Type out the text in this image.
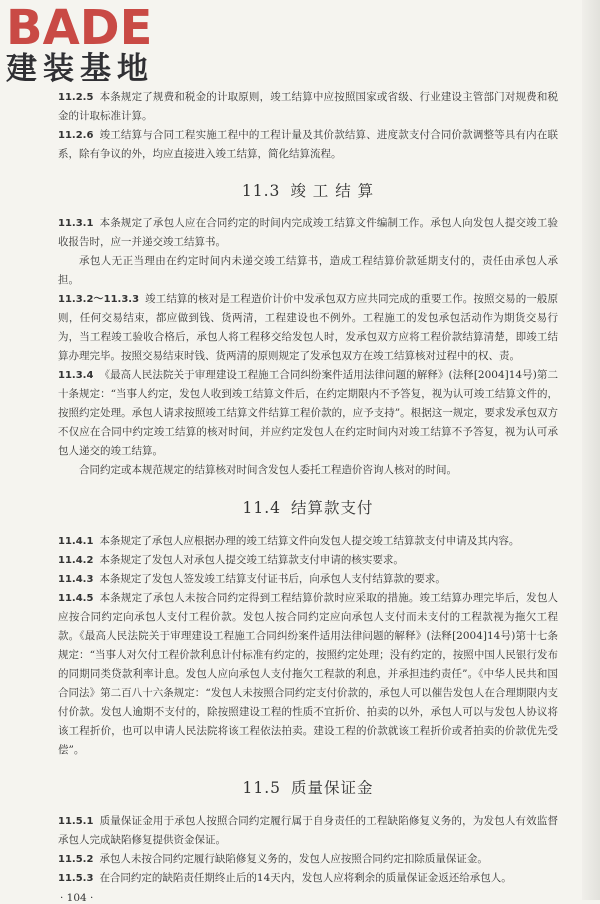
BADE
建装基地

11.2.5 本条规定了规费和税金的计取原则，竣工结算中应按照国家或省级、行业建设主管部门对规费和税金的计取标准计算。

11.2.6 竣工结算与合同工程实施工程中的工程计量及其价款结算、进度款支付合同价款调整等具有内在联系，除有争议的外，均应直接进入竣工结算，简化结算流程。

11.3 竣 工 结 算

11.3.1 本条规定了承包人应在合同约定的时间内完成竣工结算文件编制工作。承包人向发包人提交竣工验收报告时，应一并递交竣工结算书。

承包人无正当理由在约定时间内未递交竣工结算书，造成工程结算价款延期支付的，责任由承包人承担。

11.3.2～11.3.3 竣工结算的核对是工程造价计价中发承包双方应共同完成的重要工作。按照交易的一般原则，任何交易结束，都应做到钱、货两清，工程建设也不例外。工程施工的发包承包活动作为期货交易行为，当工程竣工验收合格后，承包人将工程移交给发包人时，发承包双方应将工程价款结算清楚，即竣工结算办理完毕。按照交易结束时钱、货两清的原则规定了发承包双方在竣工结算核对过程中的权、责。

11.3.4 《最高人民法院关于审理建设工程施工合同纠纷案件适用法律问题的解释》(法释[2004]14号)第二十条规定：“当事人约定，发包人收到竣工结算文件后，在约定期限内不予答复，视为认可竣工结算文件的，按照约定处理。承包人请求按照竣工结算文件结算工程价款的，应予支持”。根据这一规定，要求发承包双方不仅应在合同中约定竣工结算的核对时间，并应约定发包人在约定时间内对竣工结算不予答复，视为认可承包人递交的竣工结算。

合同约定或本规范规定的结算核对时间含发包人委托工程造价咨询人核对的时间。

11.4 结算款支付

11.4.1 本条规定了承包人应根据办理的竣工结算文件向发包人提交竣工结算款支付申请及其内容。

11.4.2 本条规定了发包人对承包人提交竣工结算款支付申请的核实要求。

11.4.3 本条规定了发包人签发竣工结算支付证书后，向承包人支付结算款的要求。

11.4.5 本条规定了承包人未按合同约定得到工程结算价款时应采取的措施。竣工结算办理完毕后，发包人应按合同约定向承包人支付工程价款。发包人按合同约定应向承包人支付而未支付的工程款视为拖欠工程款。《最高人民法院关于审理建设工程施工合同纠纷案件适用法律问题的解释》(法释[2004]14号)第十七条规定：“当事人对欠付工程价款利息计付标准有约定的，按照约定处理；没有约定的，按照中国人民银行发布的同期同类贷款利率计息。发包人应向承包人支付拖欠工程款的利息，并承担违约责任”。《中华人民共和国合同法》第二百八十六条规定：“发包人未按照合同约定支付价款的，承包人可以催告发包人在合理期限内支付价款。发包人逾期不支付的，除按照建设工程的性质不宜折价、拍卖的以外，承包人可以与发包人协议将该工程折价，也可以申请人民法院将该工程依法拍卖。建设工程的价款就该工程折价或者拍卖的价款优先受偿”。

11.5 质量保证金

11.5.1 质量保证金用于承包人按照合同约定履行属于自身责任的工程缺陷修复义务的，为发包人有效监督承包人完成缺陷修复提供资金保证。

11.5.2 承包人未按合同约定履行缺陷修复义务的，发包人应按照合同约定扣除质量保证金。

11.5.3 在合同约定的缺陷责任期终止后的14天内，发包人应将剩余的质量保证金返还给承包人。

· 104 ·
